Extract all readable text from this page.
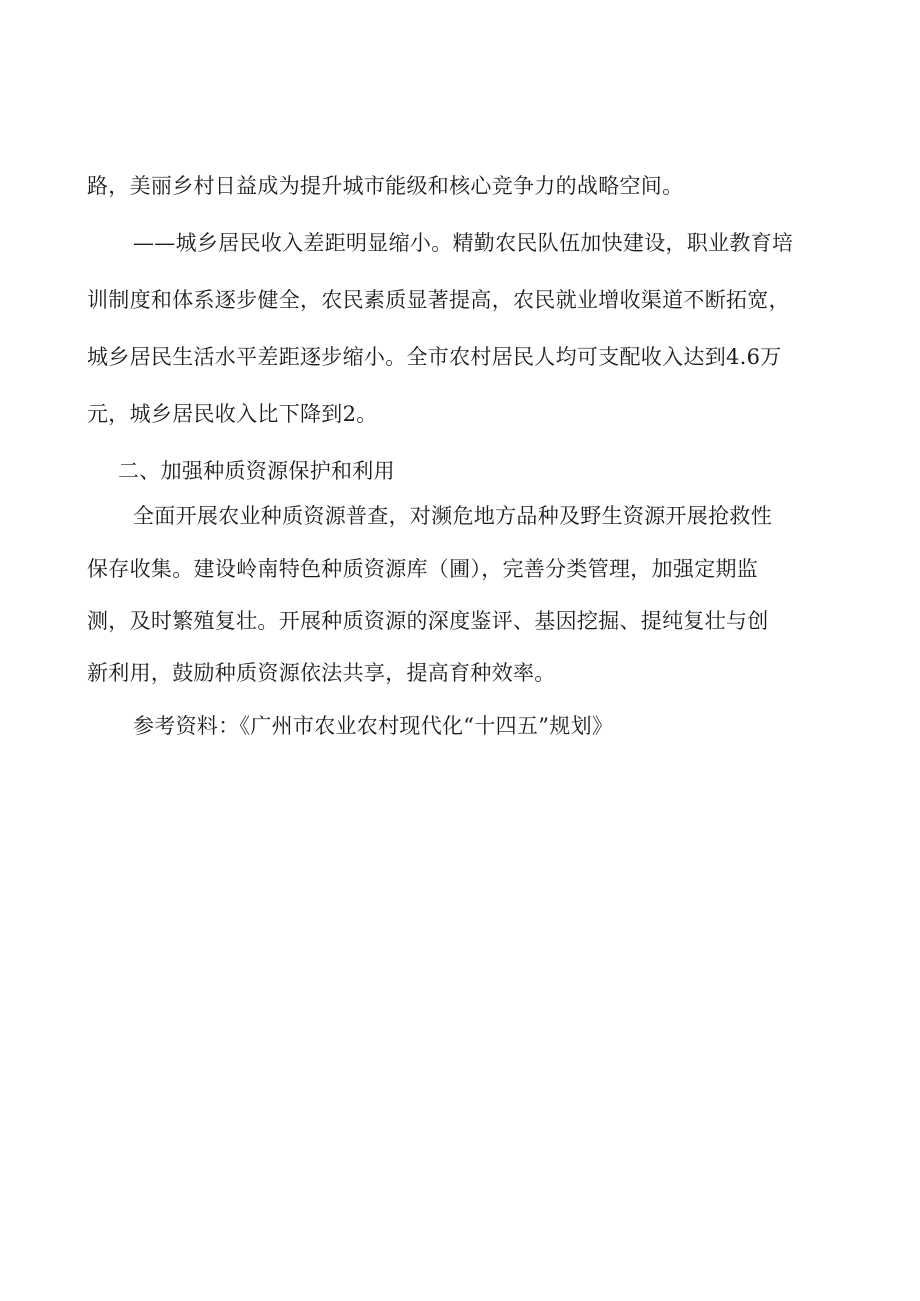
路，美丽乡村日益成为提升城市能级和核心竞争力的战略空间。
——城乡居民收入差距明显缩小。精勤农民队伍加快建设，职业教育培
训制度和体系逐步健全，农民素质显著提高，农民就业增收渠道不断拓宽，
城乡居民生活水平差距逐步缩小。全市农村居民人均可支配收入达到4.6万
元，城乡居民收入比下降到2。
二、加强种质资源保护和利用
全面开展农业种质资源普查，对濒危地方品种及野生资源开展抢救性
保存收集。建设岭南特色种质资源库（圃），完善分类管理，加强定期监
测，及时繁殖复壮。开展种质资源的深度鉴评、基因挖掘、提纯复壮与创
新利用，鼓励种质资源依法共享，提高育种效率。
参考资料：《广州市农业农村现代化“十四五”规划》
